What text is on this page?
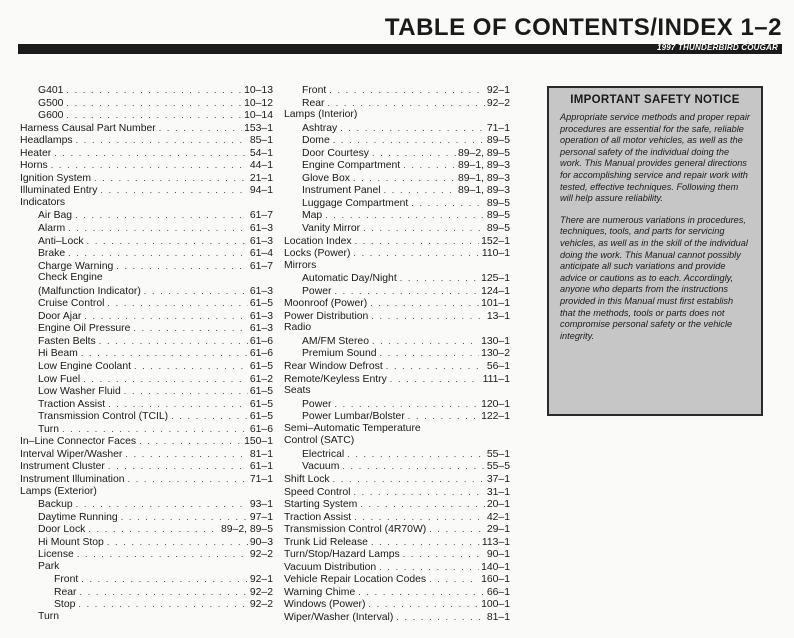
TABLE OF CONTENTS/INDEX 1–2
1997 THUNDERBIRD COUGAR
G401 . . .	10–13
G500 . . .	10–12
G600 . . .	10–14
Harness Causal Part Number . . .	153–1
Headlamps . . .	85–1
Heater . . .	54–1
Horns . . .	44–1
Ignition System . . .	21–1
Illuminated Entry . . .	94–1
Indicators
Air Bag . . .	61–7
Alarm . . .	61–3
Anti–Lock . . .	61–3
Brake . . .	61–4
Charge Warning . . .	61–7
Check Engine
(Malfunction Indicator) . . .	61–3
Cruise Control . . .	61–5
Door Ajar . . .	61–3
Engine Oil Pressure . . .	61–3
Fasten Belts . . .	61–6
Hi Beam . . .	61–6
Low Engine Coolant . . .	61–5
Low Fuel . . .	61–2
Low Washer Fluid . . .	61–5
Traction Assist . . .	61–5
Transmission Control (TCIL) . . .	61–5
Turn . . .	61–6
In–Line Connector Faces . . .	150–1
Interval Wiper/Washer . . .	81–1
Instrument Cluster . . .	61–1
Instrument Illumination . . .	71–1
Lamps (Exterior)
Backup . . .	93–1
Daytime Running . . .	97–1
Door Lock . . .	89–2, 89–5
Hi Mount Stop . . .	90–3
License . . .	92–2
Park
Front . . .	92–1
Rear . . .	92–2
Stop . . .	92–2
Turn
Front . . .	92–1
Rear . . .	92–2
Lamps (Interior)
Ashtray . . .	71–1
Dome . . .	89–5
Door Courtesy . . .	89–2, 89–5
Engine Compartment . . .	89–1, 89–3
Glove Box . . .	89–1, 89–3
Instrument Panel . . .	89–1, 89–3
Luggage Compartment . . .	89–5
Map . . .	89–5
Vanity Mirror . . .	89–5
Location Index . . .	152–1
Locks (Power) . . .	110–1
Mirrors
Automatic Day/Night . . .	125–1
Power . . .	124–1
Moonroof (Power) . . .	101–1
Power Distribution . . .	13–1
Radio
AM/FM Stereo . . .	130–1
Premium Sound . . .	130–2
Rear Window Defrost . . .	56–1
Remote/Keyless Entry . . .	111–1
Seats
Power . . .	120–1
Power Lumbar/Bolster . . .	122–1
Semi–Automatic Temperature
Control (SATC)
Electrical . . .	55–1
Vacuum . . .	55–5
Shift Lock . . .	37–1
Speed Control . . .	31–1
Starting System . . .	20–1
Traction Assist . . .	42–1
Transmission Control (4R70W) . . .	29–1
Trunk Lid Release . . .	113–1
Turn/Stop/Hazard Lamps . . .	90–1
Vacuum Distribution . . .	140–1
Vehicle Repair Location Codes . . .	160–1
Warning Chime . . .	66–1
Windows (Power) . . .	100–1
Wiper/Washer (Interval) . . .	81–1
IMPORTANT SAFETY NOTICE

Appropriate service methods and proper repair procedures are essential for the safe, reliable operation of all motor vehicles, as well as the personal safety of the individual doing the work. This Manual provides general directions for accomplishing service and repair work with tested, effective techniques. Following them will help assure reliability.

There are numerous variations in procedures, techniques, tools, and parts for servicing vehicles, as well as in the skill of the individual doing the work. This Manual cannot possibly anticipate all such variations and provide advice or cautions as to each. Accordingly, anyone who departs from the instructions provided in this Manual must first establish that the methods, tools or parts does not compromise personal safety or the vehicle integrity.
